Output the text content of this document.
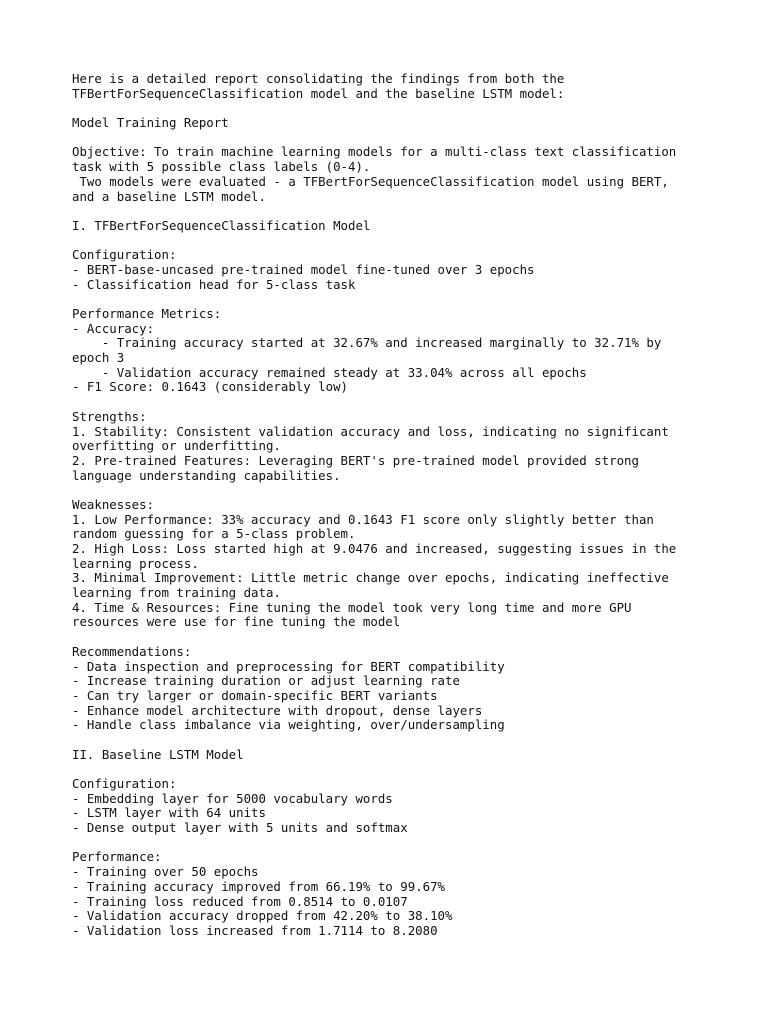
Here is a detailed report consolidating the findings from both the
TFBertForSequenceClassification model and the baseline LSTM model:
Model Training Report
Objective: To train machine learning models for a multi-class text classification
task with 5 possible class labels (0-4).
Two models were evaluated - a TFBertForSequenceClassification model using BERT,
and a baseline LSTM model.
I. TFBertForSequenceClassification Model
Configuration:
- BERT-base-uncased pre-trained model fine-tuned over 3 epochs
- Classification head for 5-class task
Performance Metrics:
- Accuracy:
- Training accuracy started at 32.67% and increased marginally to 32.71% by
epoch 3
- Validation accuracy remained steady at 33.04% across all epochs
- F1 Score: 0.1643 (considerably low)
Strengths:
1. Stability: Consistent validation accuracy and loss, indicating no significant
overfitting or underfitting.
2. Pre-trained Features: Leveraging BERT's pre-trained model provided strong
language understanding capabilities.
Weaknesses:
1. Low Performance: 33% accuracy and 0.1643 F1 score only slightly better than
random guessing for a 5-class problem.
2. High Loss: Loss started high at 9.0476 and increased, suggesting issues in the
learning process.
3. Minimal Improvement: Little metric change over epochs, indicating ineffective
learning from training data.
4. Time & Resources: Fine tuning the model took very long time and more GPU
resources were use for fine tuning the model
Recommendations:
- Data inspection and preprocessing for BERT compatibility
- Increase training duration or adjust learning rate
- Can try larger or domain-specific BERT variants
- Enhance model architecture with dropout, dense layers
- Handle class imbalance via weighting, over/undersampling
II. Baseline LSTM Model
Configuration:
- Embedding layer for 5000 vocabulary words
- LSTM layer with 64 units
- Dense output layer with 5 units and softmax
Performance:
- Training over 50 epochs
- Training accuracy improved from 66.19% to 99.67%
- Training loss reduced from 0.8514 to 0.0107
- Validation accuracy dropped from 42.20% to 38.10%
- Validation loss increased from 1.7114 to 8.2080
